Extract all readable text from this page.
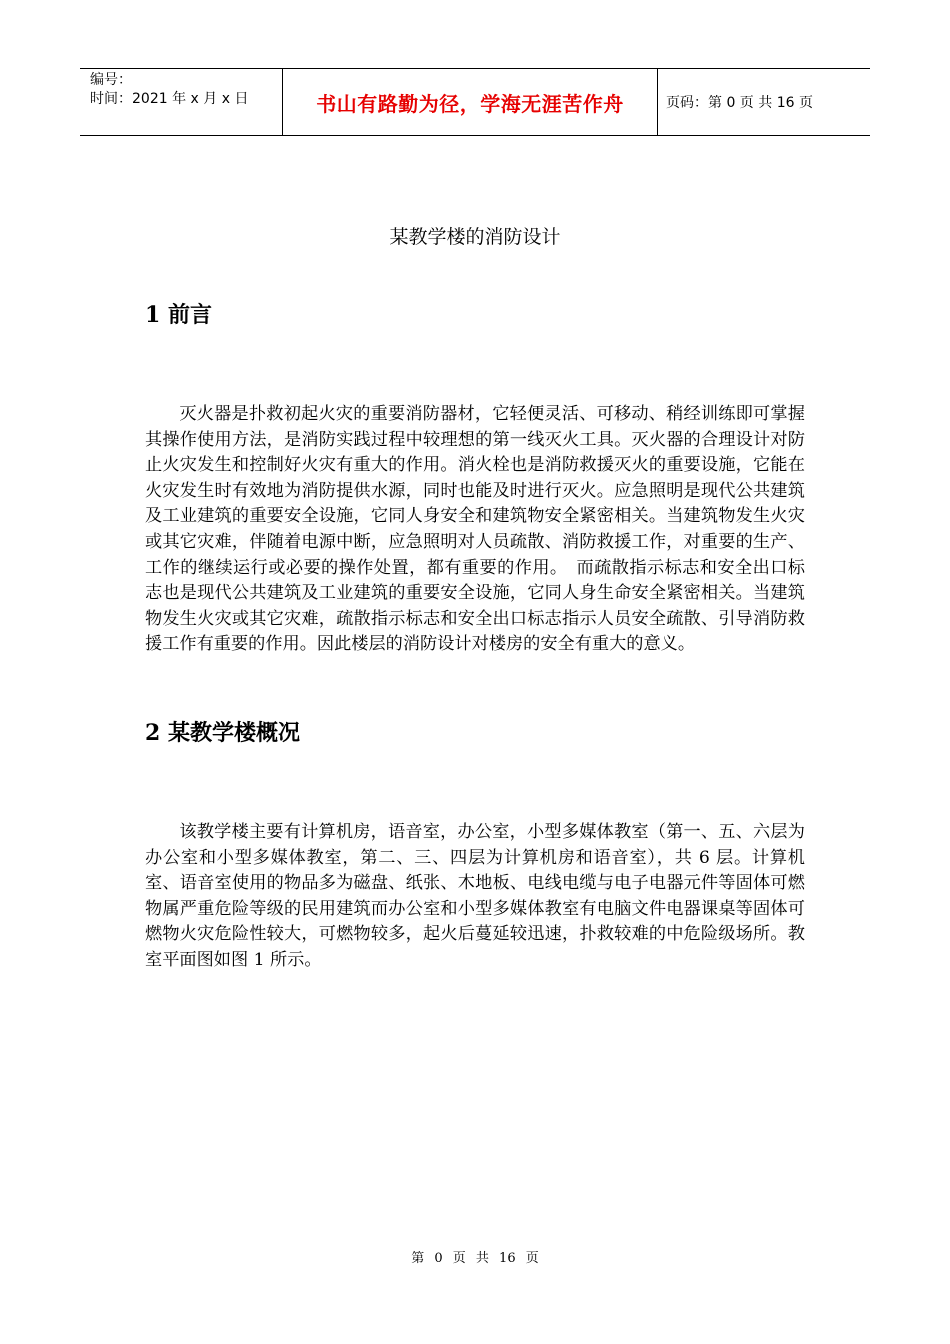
编号：
时间：2021 年 x 月 x 日	书山有路勤为径，学海无涯苦作舟	页码：第 0 页 共 16 页
某教学楼的消防设计
1 前言

灭火器是扑救初起火灾的重要消防器材，它轻便灵活、可移动、稍经训练即可掌握其操作使用方法，是消防实践过程中较理想的第一线灭火工具。灭火器的合理设计对防止火灾发生和控制好火灾有重大的作用。消火栓也是消防救援灭火的重要设施，它能在火灾发生时有效地为消防提供水源，同时也能及时进行灭火。应急照明是现代公共建筑及工业建筑的重要安全设施，它同人身安全和建筑物安全紧密相关。当建筑物发生火灾或其它灾难，伴随着电源中断，应急照明对人员疏散、消防救援工作，对重要的生产、工作的继续运行或必要的操作处置，都有重要的作用。　而疏散指示标志和安全出口标志也是现代公共建筑及工业建筑的重要安全设施，它同人身生命安全紧密相关。当建筑物发生火灾或其它灾难，疏散指示标志和安全出口标志指示人员安全疏散、引导消防救援工作有重要的作用。因此楼层的消防设计对楼房的安全有重大的意义。

2 某教学楼概况

该教学楼主要有计算机房，语音室，办公室，小型多媒体教室（第一、五、六层为办公室和小型多媒体教室，第二、三、四层为计算机房和语音室），共 6 层。计算机室、语音室使用的物品多为磁盘、纸张、木地板、电线电缆与电子电器元件等固体可燃物属严重危险等级的民用建筑而办公室和小型多媒体教室有电脑文件电器课桌等固体可燃物火灾危险性较大，可燃物较多，起火后蔓延较迅速，扑救较难的中危险级场所。教室平面图如图 1 所示。

第 0 页 共 16 页
